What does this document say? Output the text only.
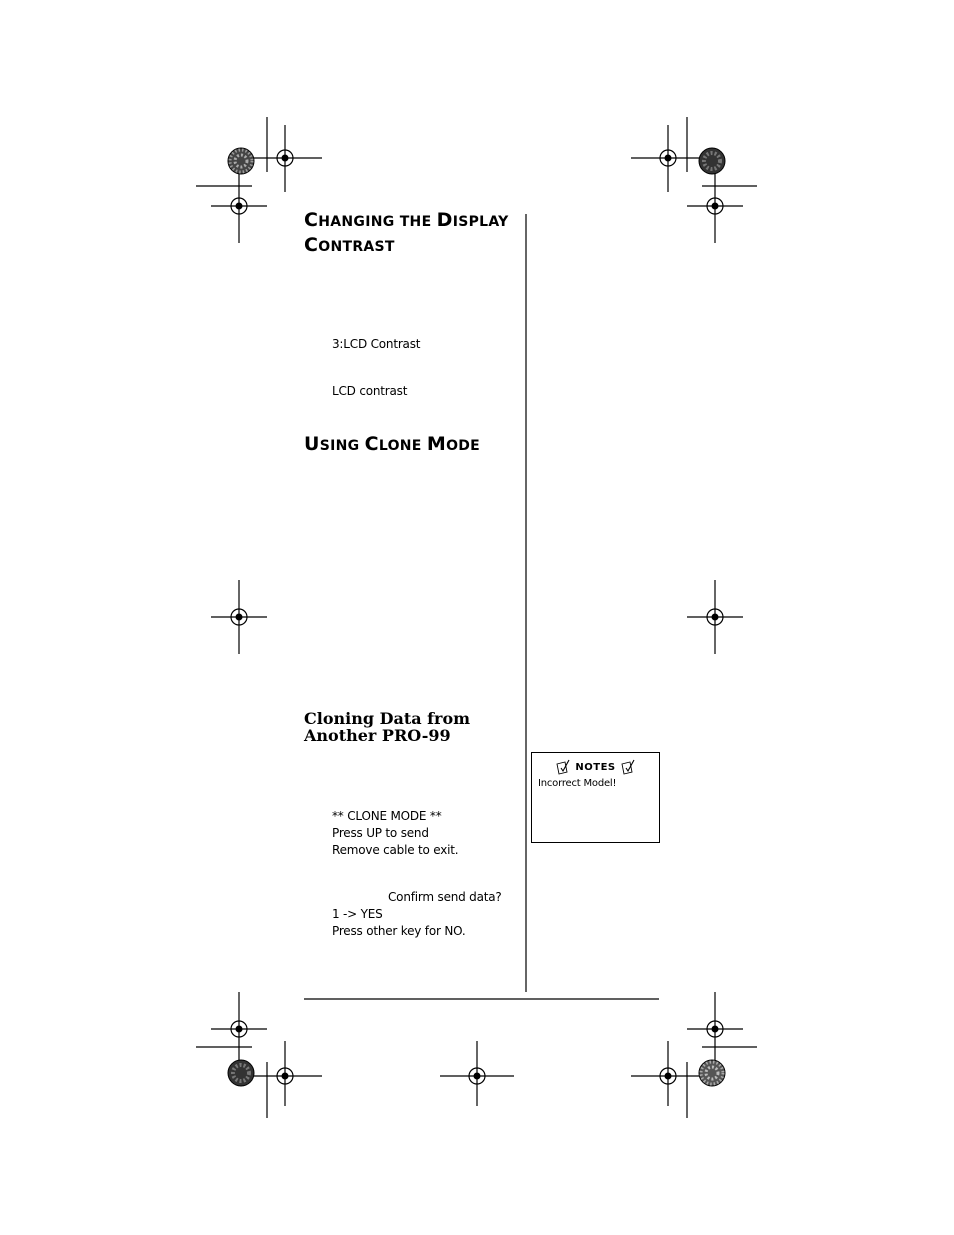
CHANGING THE DISPLAY
CONTRAST
3:LCD Contrast
LCD contrast
USING CLONE MODE
Cloning Data from
Another PRO-99
** CLONE MODE **
Press UP to send
Remove cable to exit.
Confirm send data?
1 -> YES
Press other key for NO.
NOTES
Incorrect Model!
